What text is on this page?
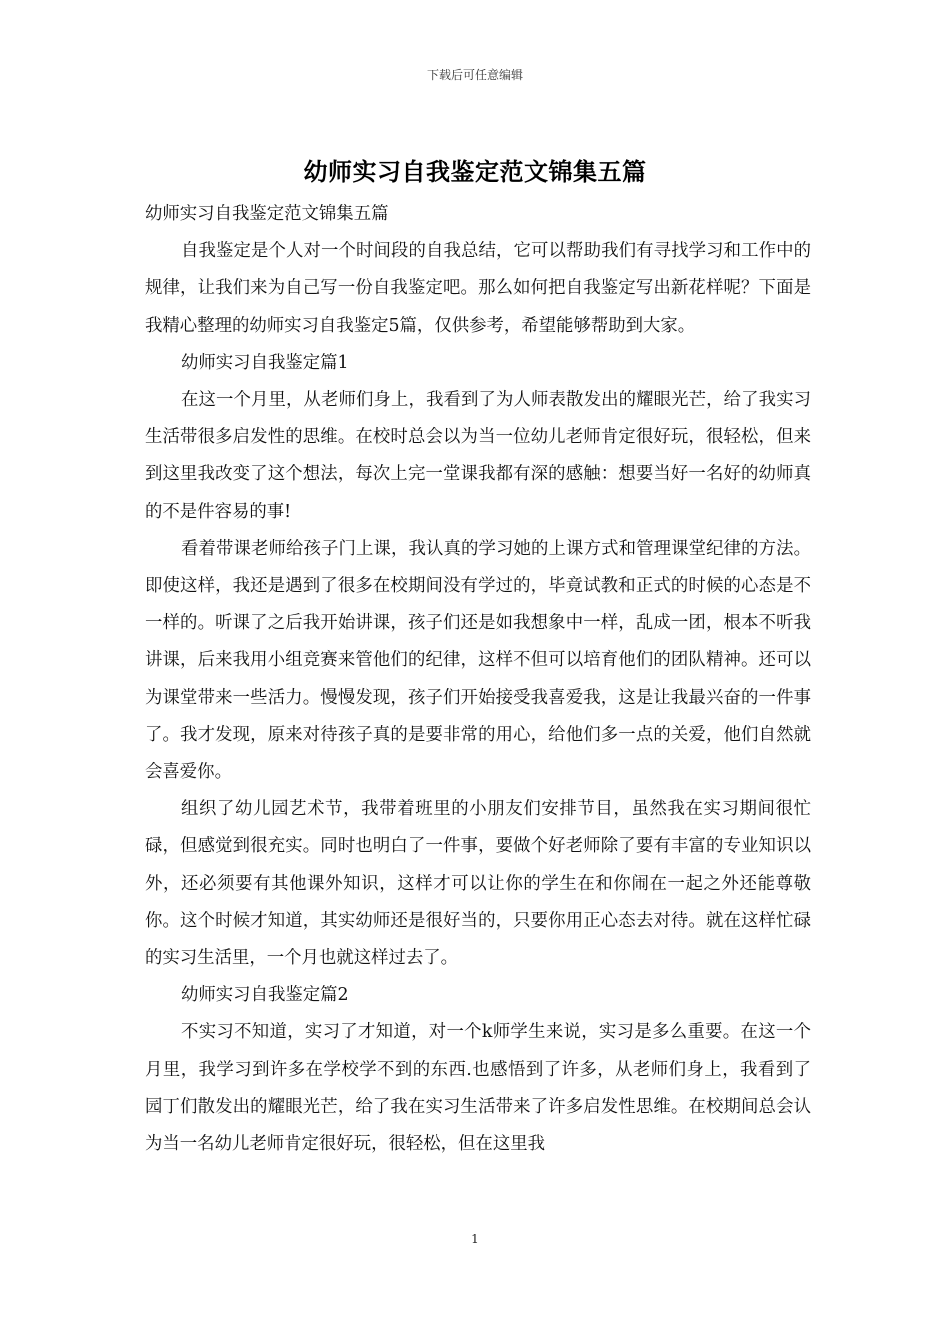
下载后可任意编辑
幼师实习自我鉴定范文锦集五篇

幼师实习自我鉴定范文锦集五篇

自我鉴定是个人对一个时间段的自我总结，它可以帮助我们有寻找学习和工作中的规律，让我们来为自己写一份自我鉴定吧。那么如何把自我鉴定写出新花样呢？下面是我精心整理的幼师实习自我鉴定5篇，仅供参考，希望能够帮助到大家。

幼师实习自我鉴定篇1

在这一个月里，从老师们身上，我看到了为人师表散发出的耀眼光芒，给了我实习生活带很多启发性的思维。在校时总会以为当一位幼儿老师肯定很好玩，很轻松，但来到这里我改变了这个想法，每次上完一堂课我都有深的感触：想要当好一名好的幼师真的不是件容易的事!

看着带课老师给孩子门上课，我认真的学习她的上课方式和管理课堂纪律的方法。即使这样，我还是遇到了很多在校期间没有学过的，毕竟试教和正式的时候的心态是不一样的。听课了之后我开始讲课，孩子们还是如我想象中一样，乱成一团，根本不听我讲课，后来我用小组竞赛来管他们的纪律，这样不但可以培育他们的团队精神。还可以为课堂带来一些活力。慢慢发现，孩子们开始接受我喜爱我，这是让我最兴奋的一件事了。我才发现，原来对待孩子真的是要非常的用心，给他们多一点的关爱，他们自然就会喜爱你。

组织了幼儿园艺术节，我带着班里的小朋友们安排节目，虽然我在实习期间很忙碌，但感觉到很充实。同时也明白了一件事，要做个好老师除了要有丰富的专业知识以外，还必须要有其他课外知识，这样才可以让你的学生在和你闹在一起之外还能尊敬你。这个时候才知道，其实幼师还是很好当的，只要你用正心态去对待。就在这样忙碌的实习生活里，一个月也就这样过去了。

幼师实习自我鉴定篇2

不实习不知道，实习了才知道，对一个k师学生来说，实习是多么重要。在这一个月里，我学习到许多在学校学不到的东西.也感悟到了许多，从老师们身上，我看到了园丁们散发出的耀眼光芒，给了我在实习生活带来了许多启发性思维。在校期间总会认为当一名幼儿老师肯定很好玩，很轻松，但在这里我

1
